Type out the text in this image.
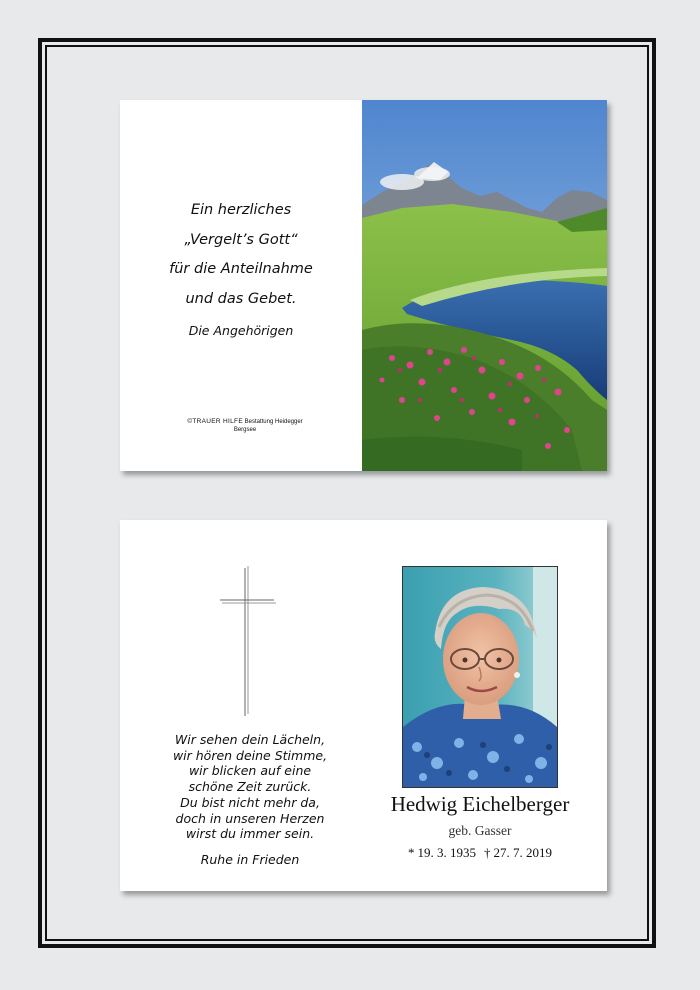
Ein herzliches
„Vergelt’s Gott“
für die Anteilnahme
und das Gebet.
Die Angehörigen
©TRAUER HILFE Bestattung Heidegger
Bergsee
Wir sehen dein Lächeln,
wir hören deine Stimme,
wir blicken auf eine
schöne Zeit zurück.
Du bist nicht mehr da,
doch in unseren Herzen
wirst du immer sein.
Ruhe in Frieden
Hedwig Eichelberger
geb. Gasser
* 19. 3. 1935 † 27. 7. 2019
